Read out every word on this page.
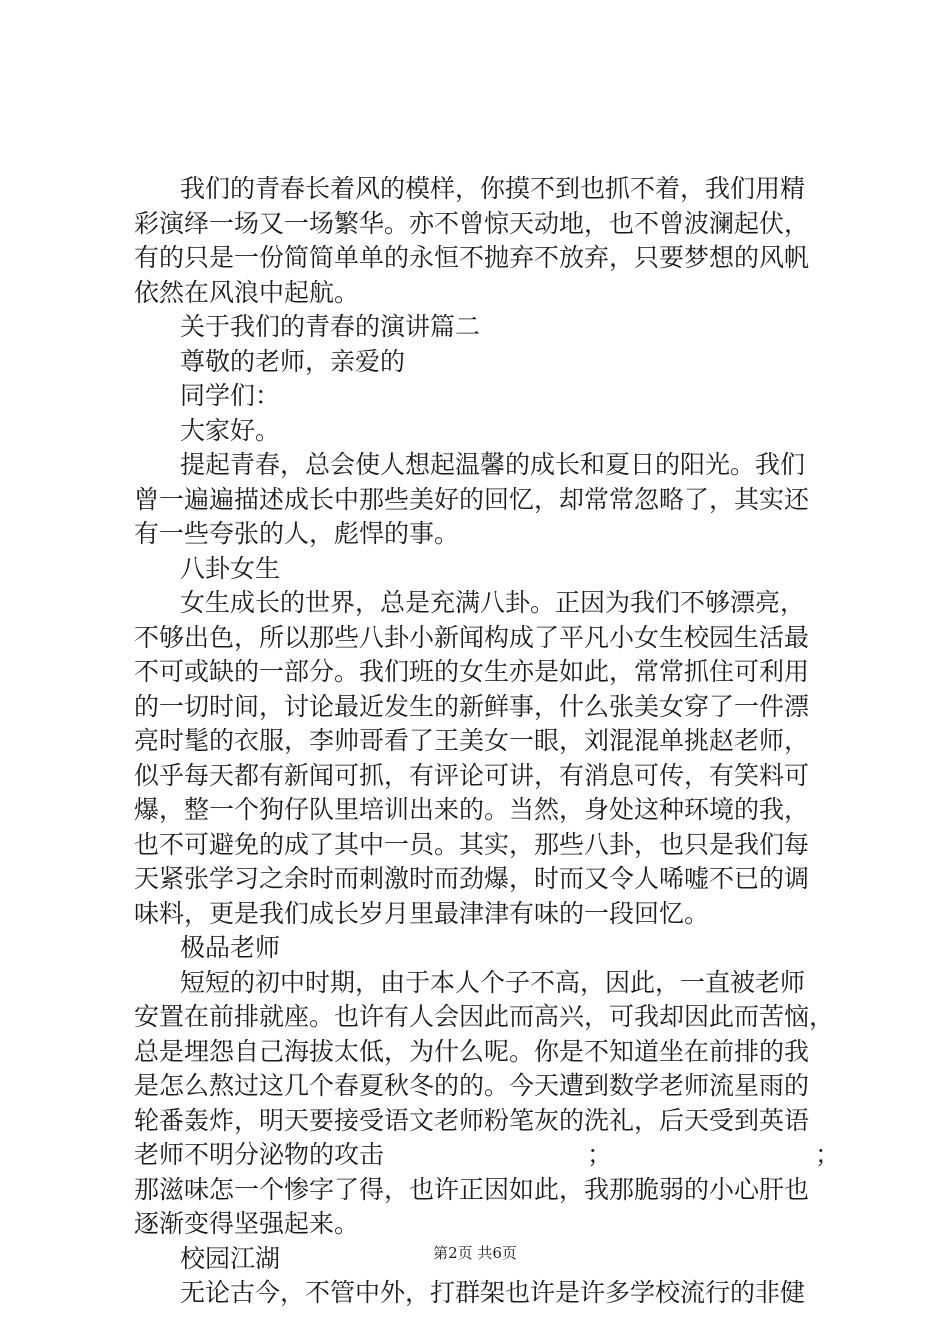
我们的青春长着风的模样，你摸不到也抓不着，我们用精
彩演绎一场又一场繁华。亦不曾惊天动地，也不曾波澜起伏，
有的只是一份简简单单的永恒不抛弃不放弃，只要梦想的风帆
依然在风浪中起航。
关于我们的青春的演讲篇二
尊敬的老师，亲爱的
同学们：
大家好。
提起青春，总会使人想起温馨的成长和夏日的阳光。我们
曾一遍遍描述成长中那些美好的回忆，却常常忽略了，其实还
有一些夸张的人，彪悍的事。
八卦女生
女生成长的世界，总是充满八卦。正因为我们不够漂亮，
不够出色，所以那些八卦小新闻构成了平凡小女生校园生活最
不可或缺的一部分。我们班的女生亦是如此，常常抓住可利用
的一切时间，讨论最近发生的新鲜事，什么张美女穿了一件漂
亮时髦的衣服，李帅哥看了王美女一眼，刘混混单挑赵老师，
似乎每天都有新闻可抓，有评论可讲，有消息可传，有笑料可
爆，整一个狗仔队里培训出来的。当然，身处这种环境的我，
也不可避免的成了其中一员。其实，那些八卦，也只是我们每
天紧张学习之余时而刺激时而劲爆，时而又令人唏嘘不已的调
味料，更是我们成长岁月里最津津有味的一段回忆。
极品老师
短短的初中时期，由于本人个子不高，因此，一直被老师
安置在前排就座。也许有人会因此而高兴，可我却因此而苦恼，
总是埋怨自己海拔太低，为什么呢。你是不知道坐在前排的我
是怎么熬过这几个春夏秋冬的的。今天遭到数学老师流星雨的
轮番轰炸，明天要接受语文老师粉笔灰的洗礼，后天受到英语
老师不明分泌物的攻击	；	；
那滋味怎一个惨字了得，也许正因如此，我那脆弱的小心肝也
逐渐变得坚强起来。
校园江湖
无论古今，不管中外，打群架也许是许多学校流行的非健
第2页 共6页
